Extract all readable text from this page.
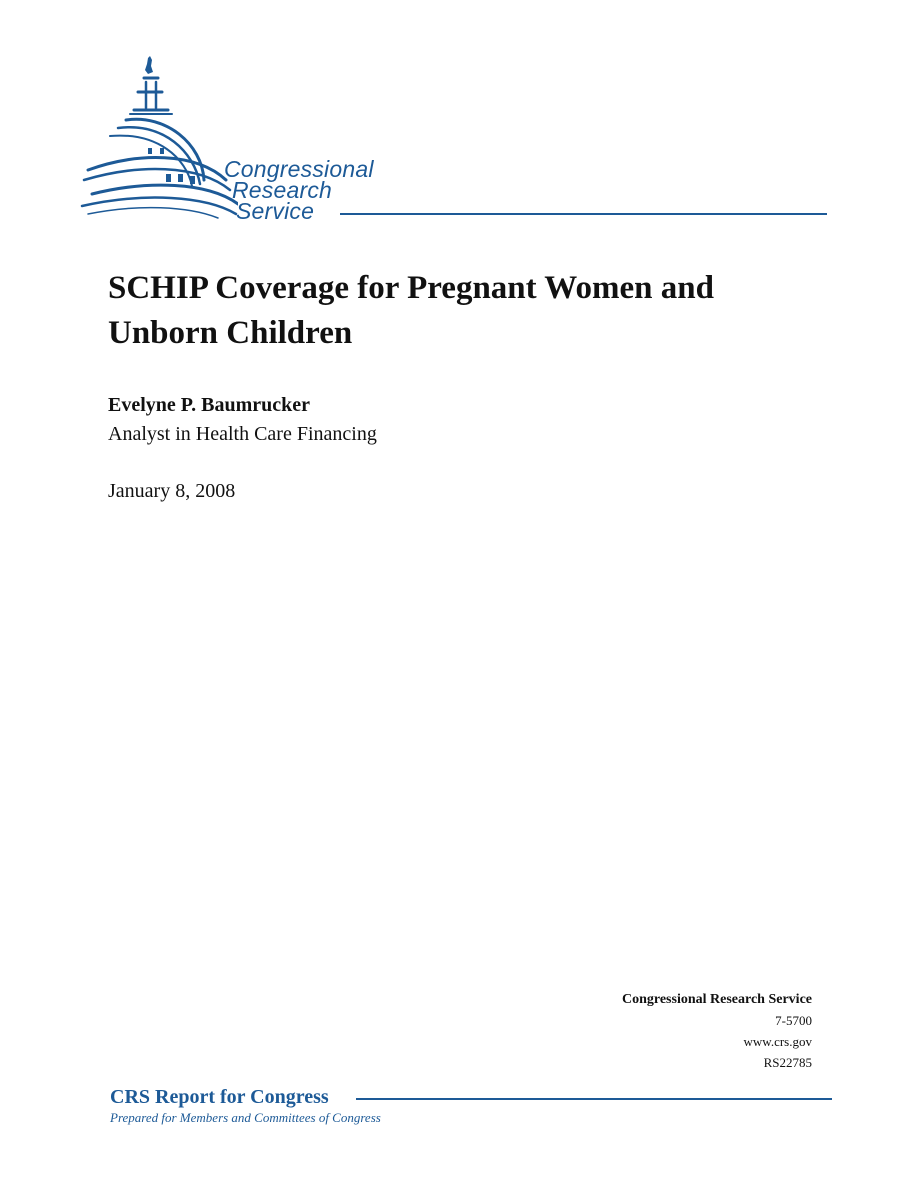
Congressional
Research
Service
SCHIP Coverage for Pregnant Women and Unborn Children
Evelyne P. Baumrucker
Analyst in Health Care Financing
January 8, 2008
Congressional Research Service
7-5700
www.crs.gov
RS22785
CRS Report for Congress
Prepared for Members and Committees of Congress
